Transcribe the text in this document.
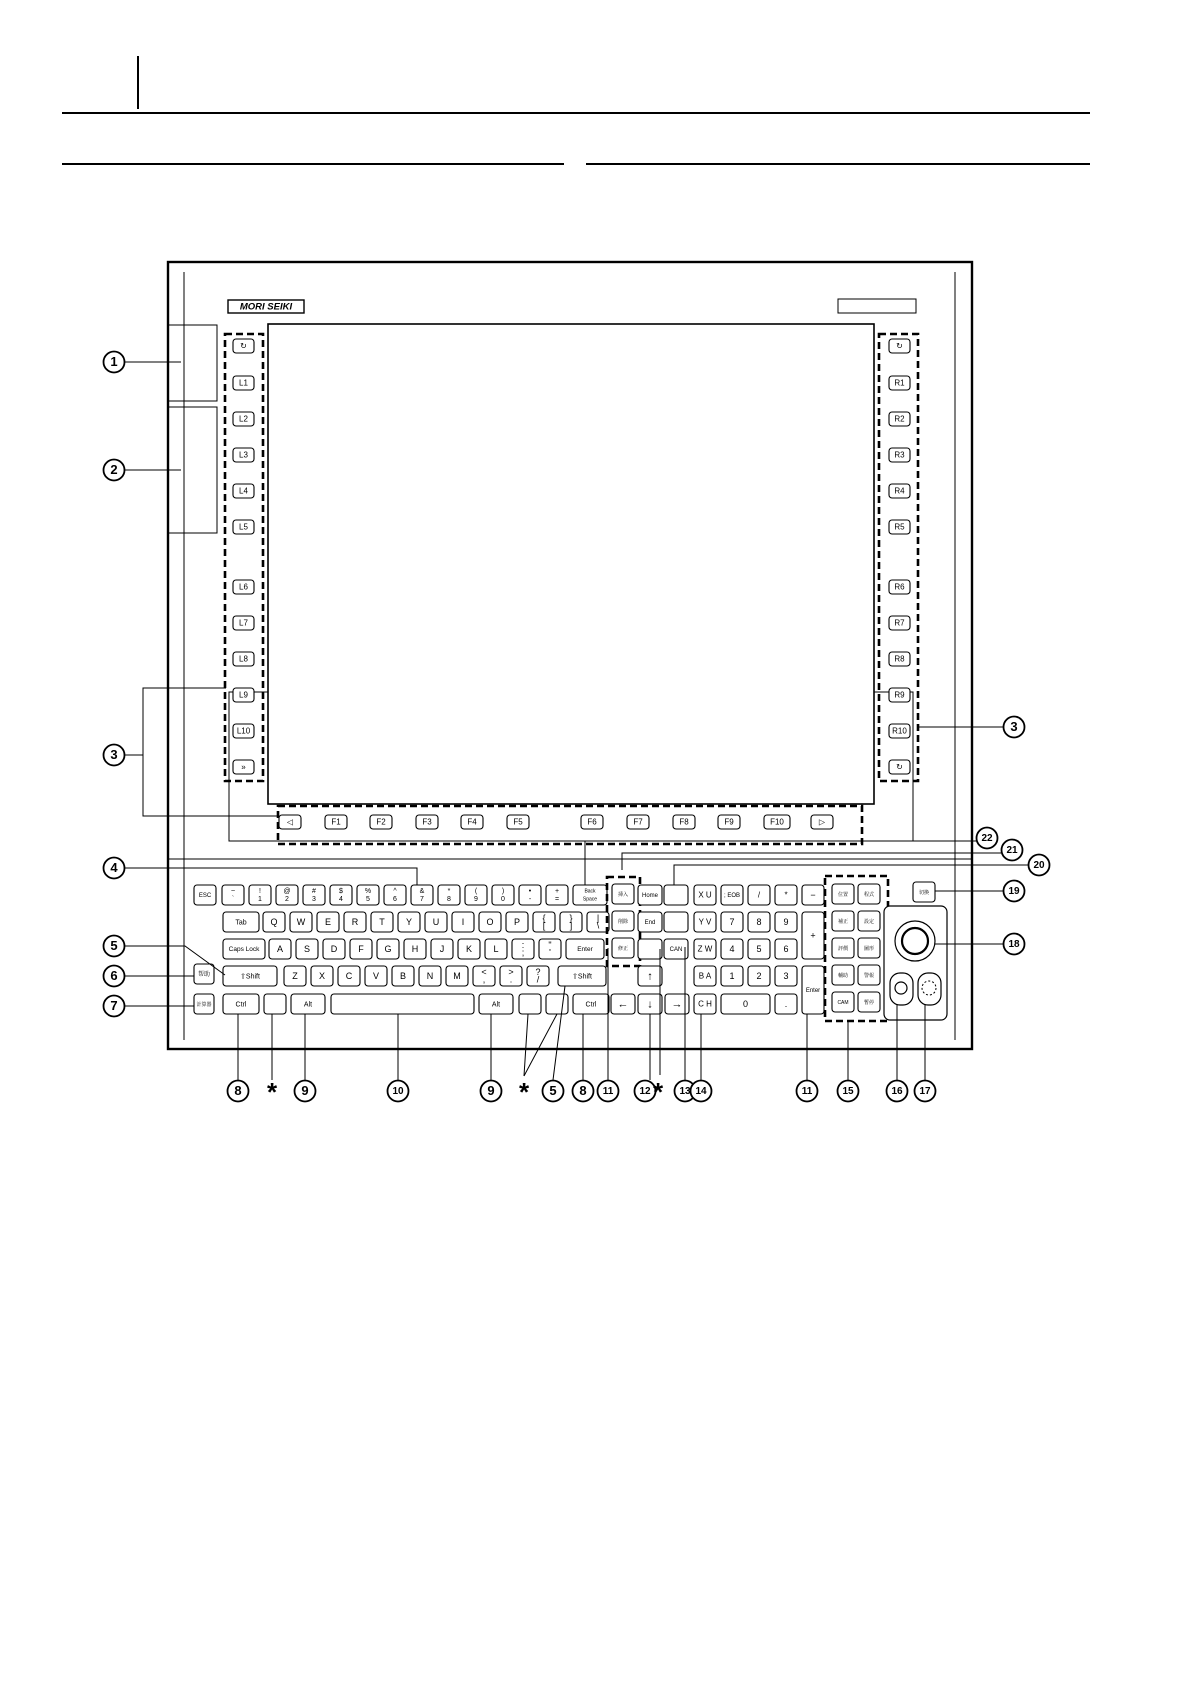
MORI SEIKI
↻
L1
L2
L3
L4
L5
L6
L7
L8
L9
L10
»
↻
R1
R2
R3
R4
R5
R6
R7
R8
R9
R10
↻
◁	F1	F2	F3	F4	F5	F6	F7	F8	F9	F10	▷
ESC
~
`
!
1
@
2
#
3
$
4
%
5
^
6
&
7
*
8
(
9
)
0
•
-
+
=
Back
Space
Tab	Q W E R T Y U I O P {
[
}
]
|
\
Caps Lock A S D F G H J K L	:
;
"
'	Enter
⇧Shift	Z X C V B N M <
,
>
.
?
/	⇧Shift
Ctrl	Alt	Alt	Ctrl
帮助
計算器
挿入
削除
修正
Home
End
CAN
↑
← ↓ →
X U ; EOB /	*	−
Y V 7 8 9
+
Z W 4 5 6
B A 1 2 3
Enter
C H	0	.
位置	程式
補正	設定
評價	圖形
輔助	警報
CAM	暫停
切換
1
2
3
4
5
6
7
3
22
21
20
19
18
8 * 9	10	9 * 5 8 11	12 * 13 14	11	15	16 17
